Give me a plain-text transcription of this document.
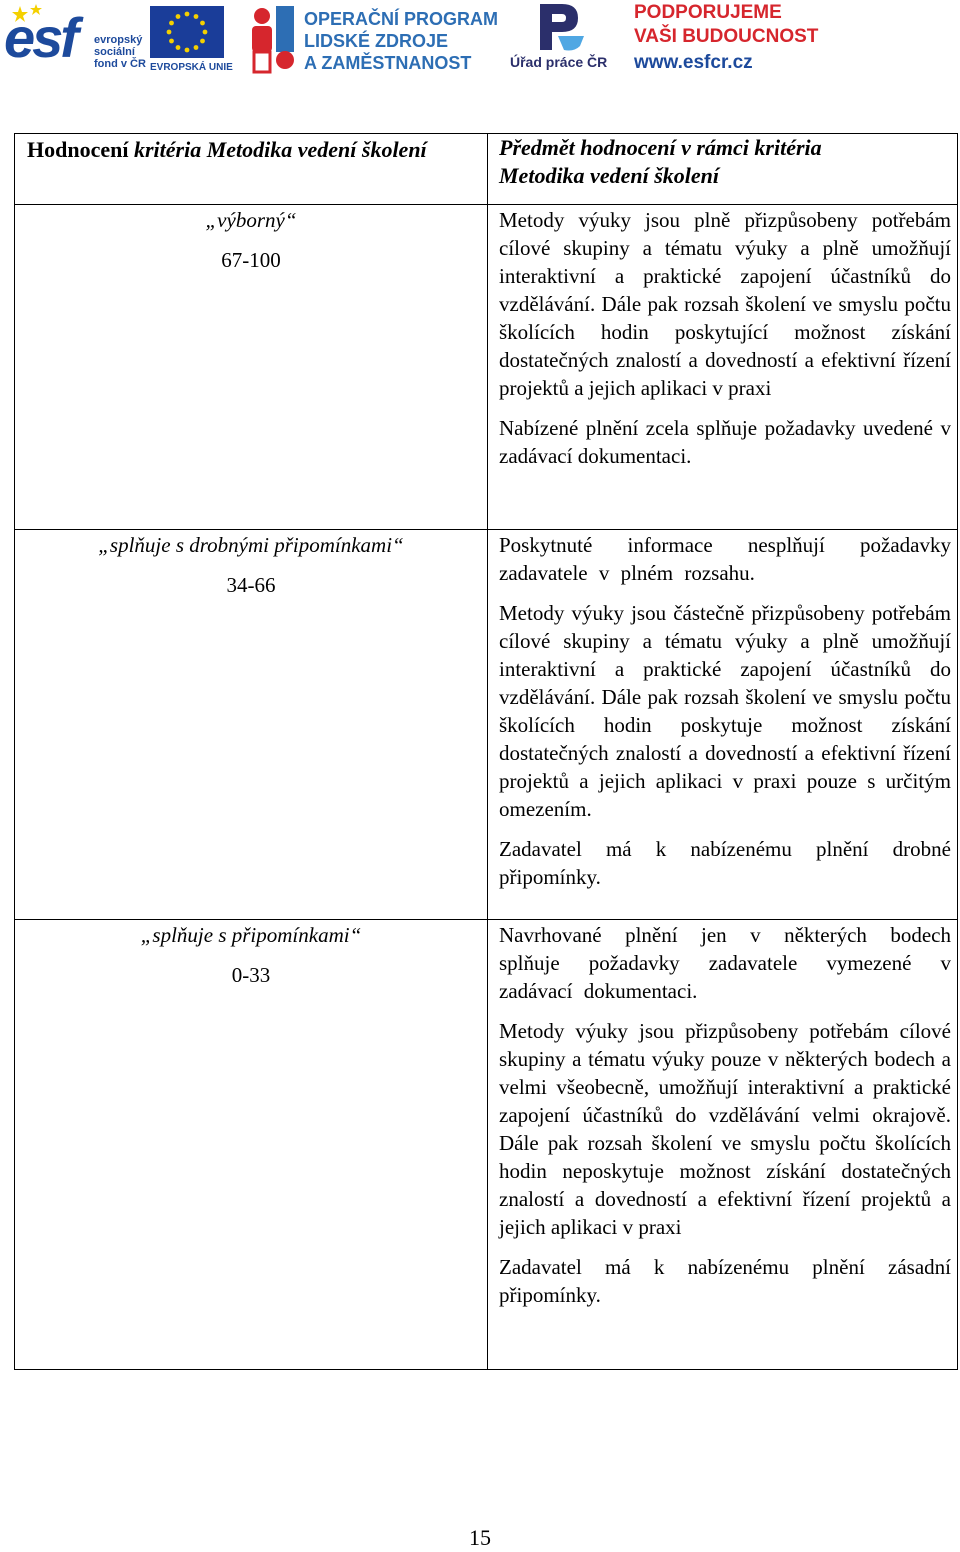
esf evropský
sociální
fond v ČR EVROPSKÁ UNIE
OPERAČNÍ PROGRAM
LIDSKÉ ZDROJE
A ZAMĚSTNANOST	Úřad práce ČR
PODPORUJEME
VAŠI BUDOUCNOST
www.esfcr.cz
Hodnocení kritéria Metodika vedení školení	Předmět hodnocení v rámci kritéria
Metodika vedení školení
„výborný“
67-100

Metody výuky jsou plně přizpůsobeny potřebám cílové skupiny a tématu výuky a plně umožňují interaktivní a praktické zapojení účastníků do vzdělávání. Dále pak rozsah školení ve smyslu počtu školících hodin poskytující možnost získání dostatečných znalostí a dovedností a efektivní řízení projektů a jejich aplikaci v praxi

Nabízené plnění zcela splňuje požadavky uvedené v zadávací dokumentaci.

„splňuje s drobnými připomínkami“
34-66

Poskytnuté informace nesplňují požadavky zadavatele v plném rozsahu.

Metody výuky jsou částečně přizpůsobeny potřebám cílové skupiny a tématu výuky a plně umožňují interaktivní a praktické zapojení účastníků do vzdělávání. Dále pak rozsah školení ve smyslu počtu školících hodin poskytuje možnost získání dostatečných znalostí a dovedností a efektivní řízení projektů a jejich aplikaci v praxi pouze s určitým omezením.

Zadavatel má k nabízenému plnění drobné připomínky.

„splňuje s připomínkami“
0-33

Navrhované plnění jen v některých bodech splňuje požadavky zadavatele vymezené v zadávací dokumentaci.

Metody výuky jsou přizpůsobeny potřebám cílové skupiny a tématu výuky pouze v některých bodech a velmi všeobecně, umožňují interaktivní a praktické zapojení účastníků do vzdělávání velmi okrajově. Dále pak rozsah školení ve smyslu počtu školících hodin neposkytuje možnost získání dostatečných znalostí a dovedností a efektivní řízení projektů a jejich aplikaci v praxi

Zadavatel má k nabízenému plnění zásadní připomínky.

15
